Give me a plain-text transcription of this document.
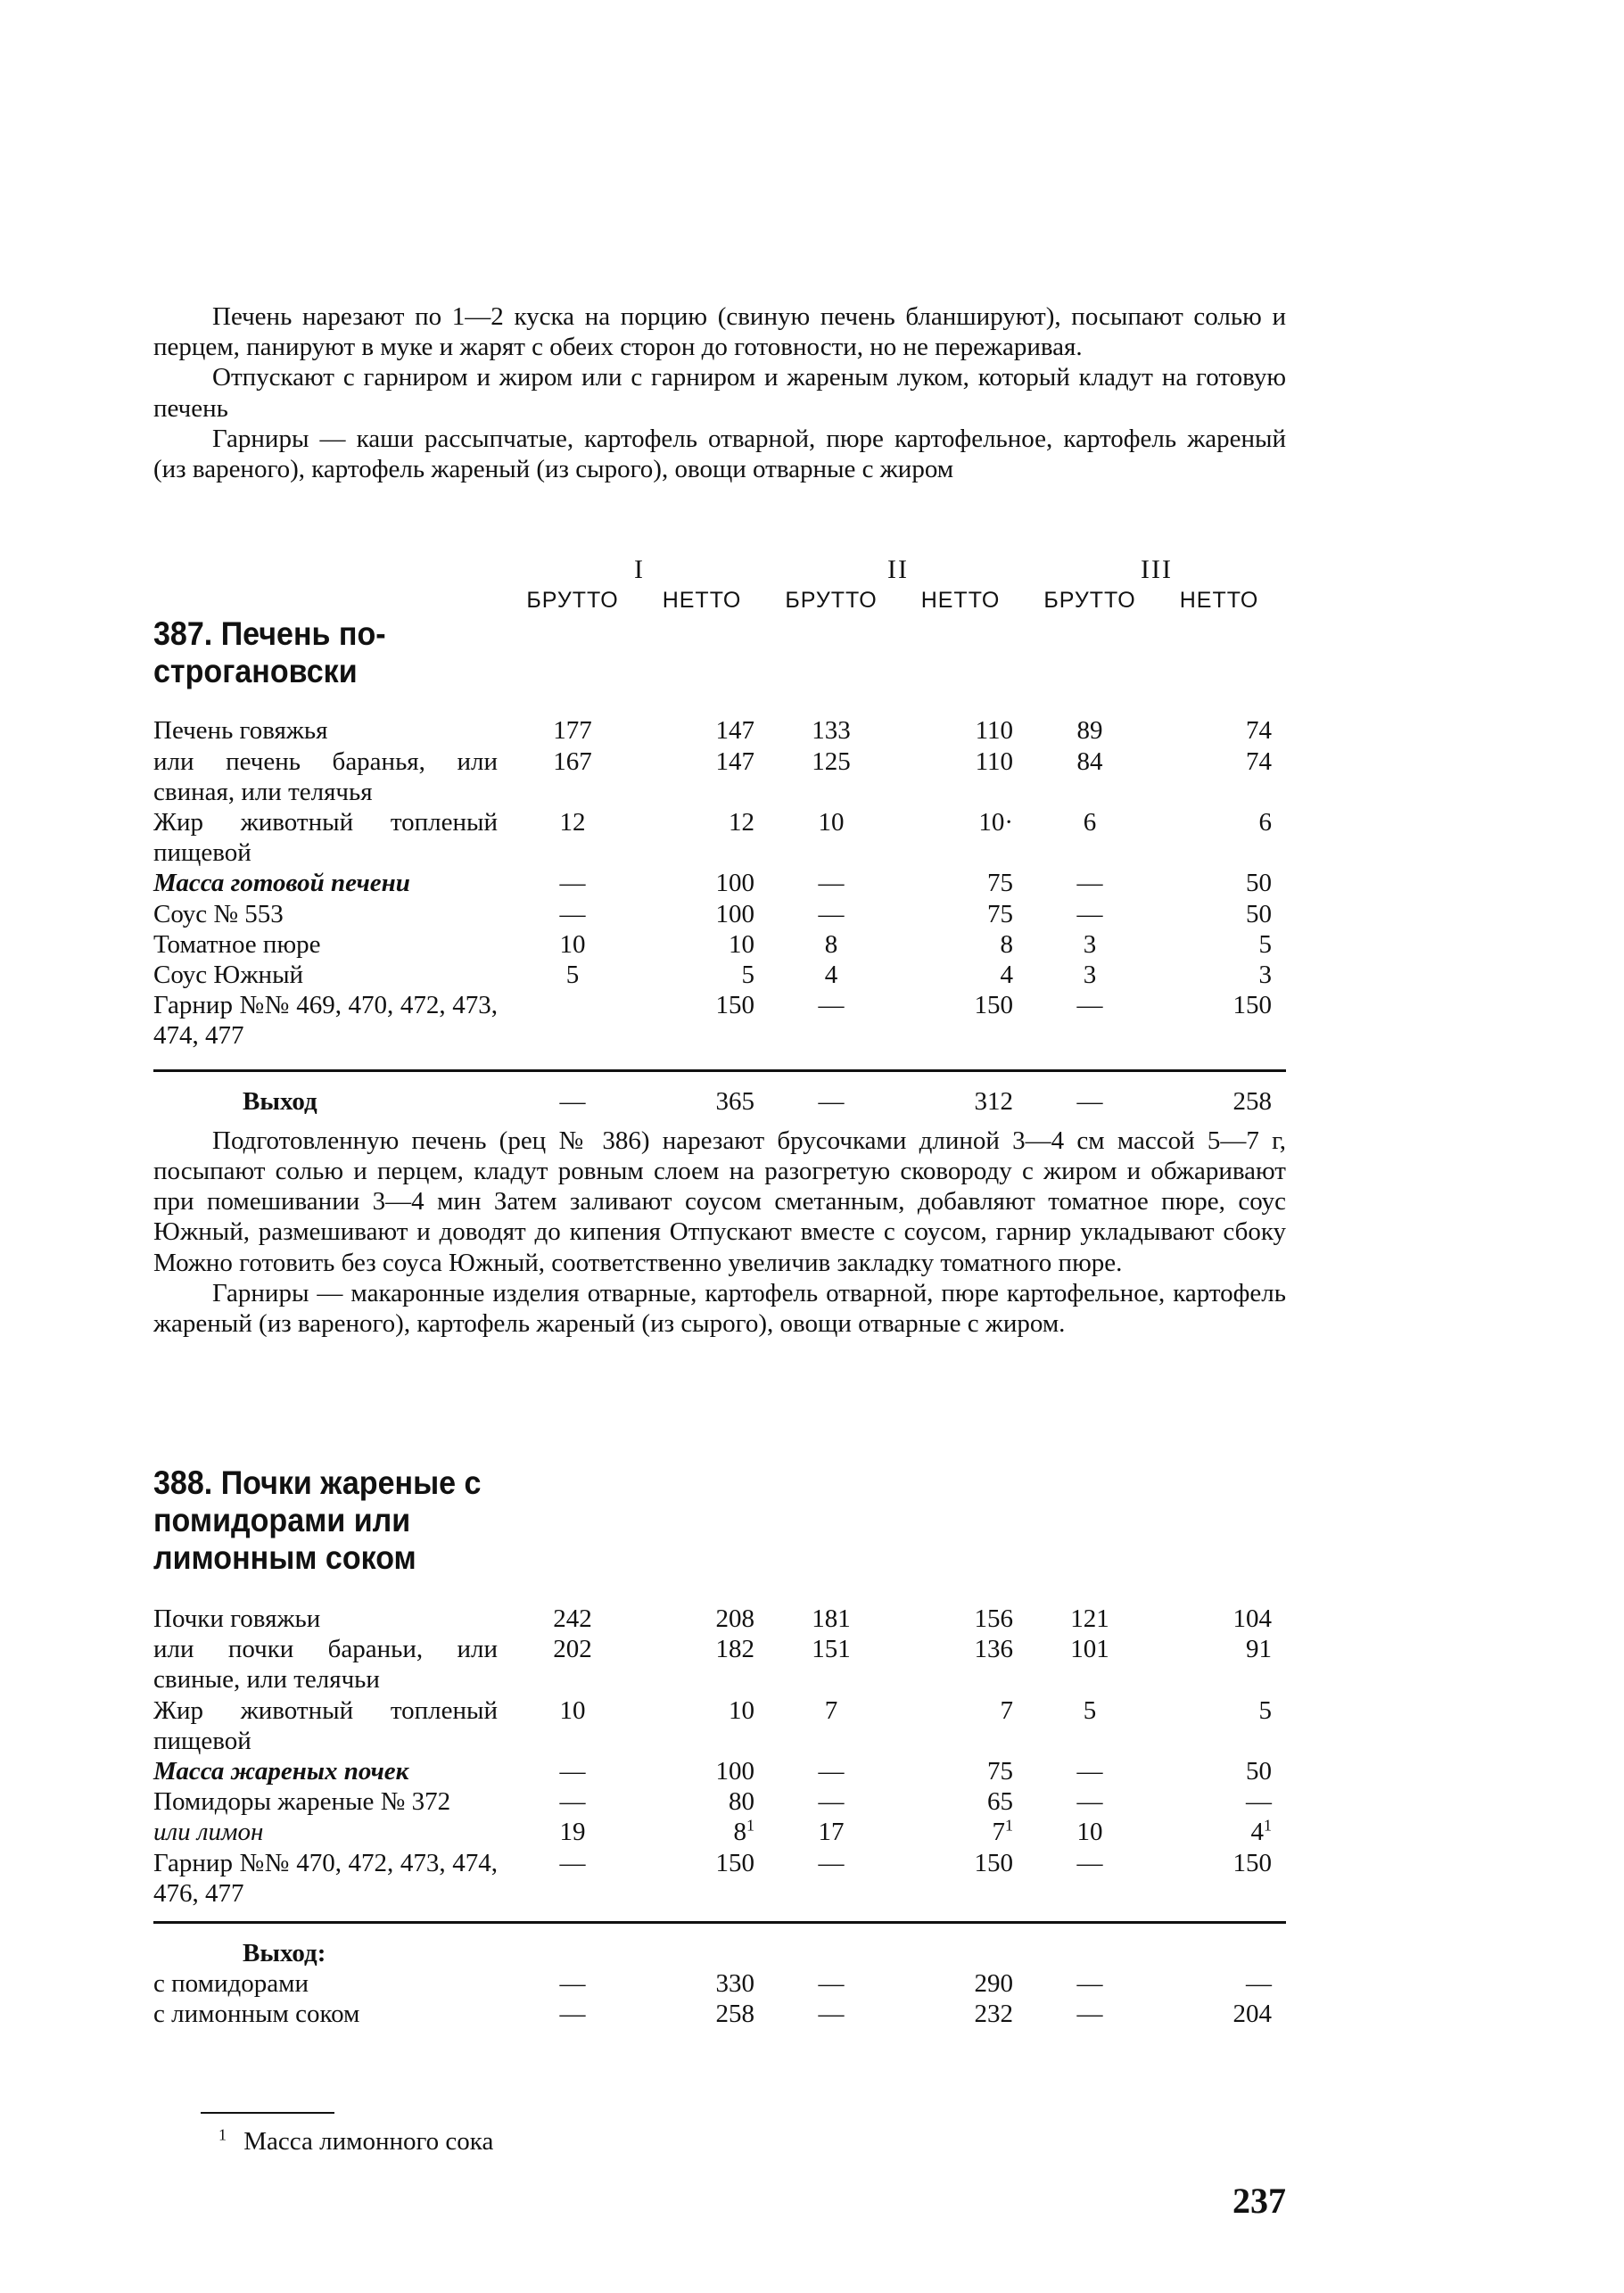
Печень нарезают по 1—2 куска на порцию (свиную печень бланшируют), посыпают солью и перцем, панируют в муке и жарят с обеих сторон до готовности, но не пережаривая.

Отпускают с гарниром и жиром или с гарниром и жареным луком, который кладут на готовую печень

Гарниры — каши рассыпчатые, картофель отварной, пюре картофельное, картофель жареный (из вареного), картофель жареный (из сырого), овощи отварные с жиром

	I		II		III	
	БРУТТО	НЕТТО	БРУТТО	НЕТТО	БРУТТО	НЕТТО

387. Печень по-строгановски						

Печень говяжья	177	147	133	110	89	74
или печень баранья, или свиная, или телячья	167	147	125	110	84	74
Жир животный топленый пищевой	12	12	10	10·	6	6
Масса готовой печени	—	100	—	75	—	50
Соус № 553	—	100	—	75	—	50
Томатное пюре	10	10	8	8	3	5
Соус Южный	5	5	4	4	3	3
Гарнир №№ 469, 470, 472, 473, 474, 477		150	—	150	—	150

Выход	—	365	—	312	—	258

Подготовленную печень (рец № 386) нарезают брусочками длиной 3—4 см массой 5—7 г, посыпают солью и перцем, кладут ровным слоем на разогретую сковороду с жиром и обжаривают при помешивании 3—4 мин Затем заливают соусом сметанным, добавляют томатное пюре, соус Южный, размешивают и доводят до кипения Отпускают вместе с соусом, гарнир укладывают сбоку Можно готовить без соуса Южный, соответственно увеличив закладку томатного пюре.

Гарниры — макаронные изделия отварные, картофель отварной, пюре картофельное, картофель жареный (из вареного), картофель жареный (из сырого), овощи отварные с жиром.

388. Почки жареные с помидорами или лимонным соком						

Почки говяжьи	242	208	181	156	121	104
или почки бараньи, или свиные, или телячьи	202	182	151	136	101	91
Жир животный топленый пищевой	10	10	7	7	5	5
Масса жареных почек	—	100	—	75	—	50
Помидоры жареные № 372	—	80	—	65	—	—
или лимон	19	$8^1$	17	$7^1$	10	$4^1$
Гарнир №№ 470, 472, 473, 474, 476, 477	—	150	—	150	—	150

Выход:						
с помидорами	—	330	—	290	—	—
с лимонным соком	—	258	—	232	—	204
$^1$ Масса лимонного сока
237
